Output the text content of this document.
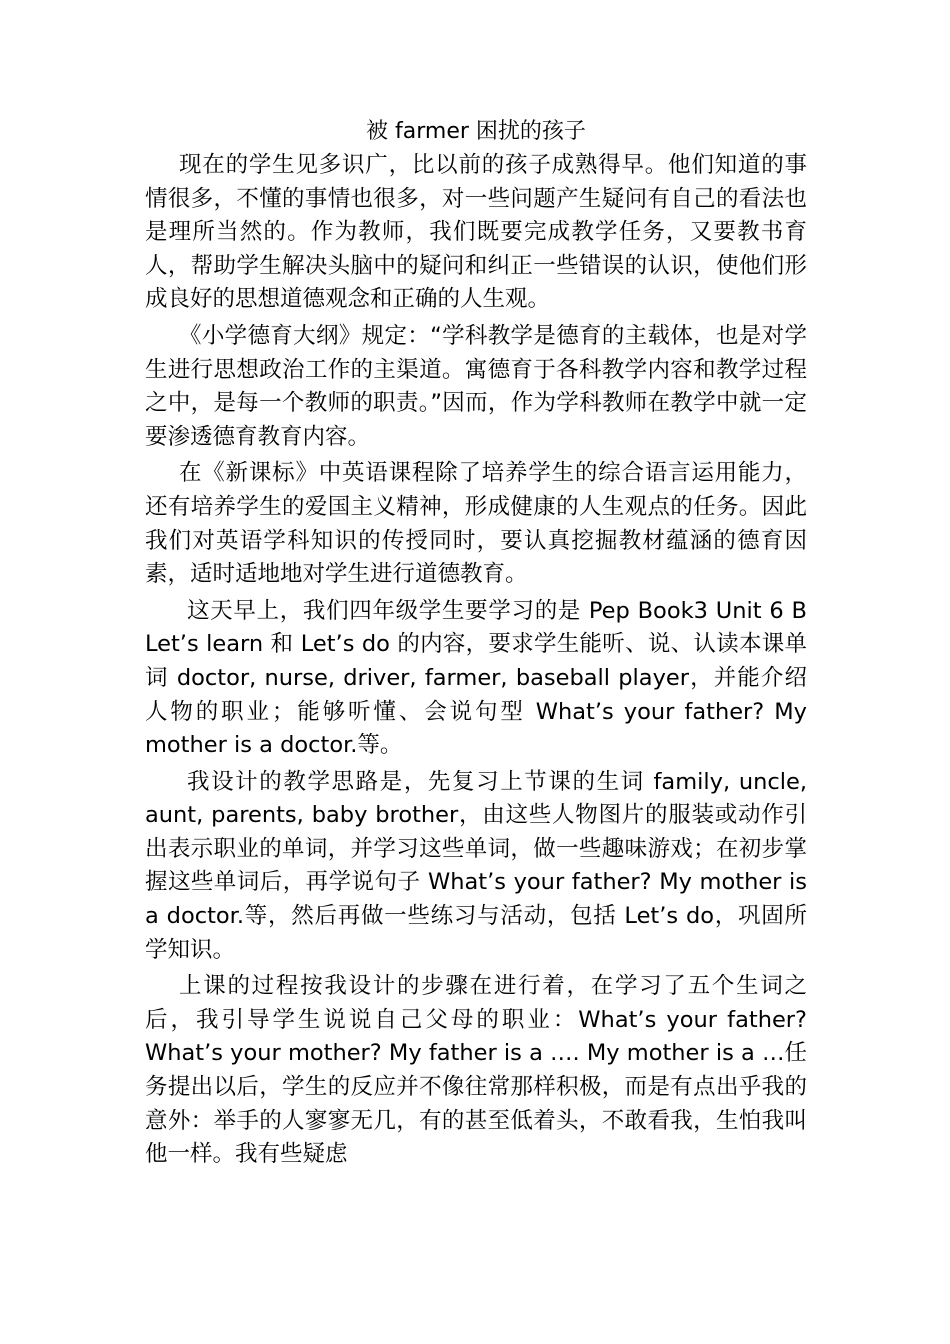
被 farmer 困扰的孩子

现在的学生见多识广，比以前的孩子成熟得早。他们知道的事情很多，不懂的事情也很多，对一些问题产生疑问有自己的看法也是理所当然的。作为教师，我们既要完成教学任务，又要教书育人，帮助学生解决头脑中的疑问和纠正一些错误的认识，使他们形成良好的思想道德观念和正确的人生观。

《小学德育大纲》规定：“学科教学是德育的主载体，也是对学生进行思想政治工作的主渠道。寓德育于各科教学内容和教学过程之中，是每一个教师的职责。”因而，作为学科教师在教学中就一定要渗透德育教育内容。

在《新课标》中英语课程除了培养学生的综合语言运用能力，还有培养学生的爱国主义精神，形成健康的人生观点的任务。因此我们对英语学科知识的传授同时，要认真挖掘教材蕴涵的德育因素，适时适地地对学生进行道德教育。

这天早上，我们四年级学生要学习的是 Pep Book3 Unit 6 B Let’s learn 和 Let’s do 的内容，要求学生能听、说、认读本课单词 doctor, nurse, driver, farmer, baseball player，并能介绍人物的职业；能够听懂、会说句型 What’s your father? My mother is a doctor.等。

我设计的教学思路是，先复习上节课的生词 family, uncle, aunt, parents, baby brother，由这些人物图片的服装或动作引出表示职业的单词，并学习这些单词，做一些趣味游戏；在初步掌握这些单词后，再学说句子 What’s your father? My mother is a doctor.等，然后再做一些练习与活动，包括 Let’s do，巩固所学知识。

上课的过程按我设计的步骤在进行着，在学习了五个生词之后，我引导学生说说自己父母的职业：What’s your father? What’s your mother? My father is a …. My mother is a …任务提出以后，学生的反应并不像往常那样积极，而是有点出乎我的意外：举手的人寥寥无几，有的甚至低着头，不敢看我，生怕我叫他一样。我有些疑虑
